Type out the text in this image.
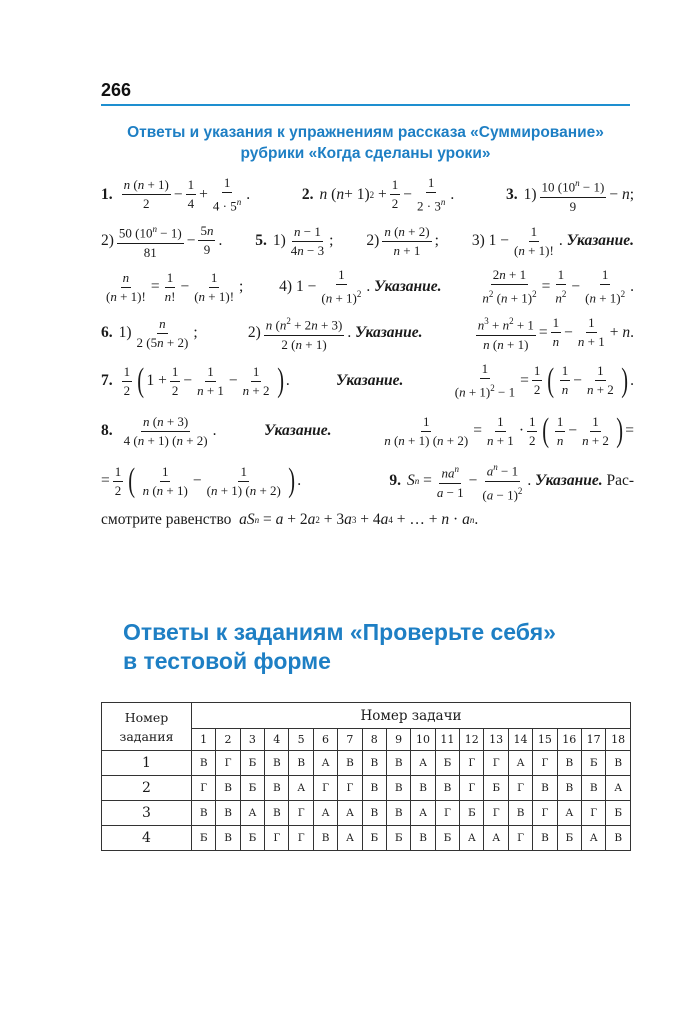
266
Ответы и указания к упражнениям рассказа «Суммирование»
рубрики «Когда сделаны уроки»
1. $\frac{n (n + 1)}{2} - \frac{1}{4} + \frac{1}{4 \cdot 5^n}$ .	2. n ( n + 1) $2 + \frac{1}{2} - \frac{1}{2 \cdot 3^n}$ .	3. $1) \frac{10 (10^n - 1)}{9} - n$ ;
$2) \frac{50 (10^n - 1)}{81} - \frac{5n}{9}$ . 5. $1) \frac{n - 1}{4n - 3}$ ; $2) \frac{n (n + 2)}{n + 1}$ ; 3) $1 - \frac{1}{(n + 1)!}$ . Указание.
$\frac{n}{(n + 1)!} = \frac{1}{n!} - \frac{1}{(n + 1)!}$ ; 4) $1 - \frac{1}{(n + 1)^2}$ . Указание.	$\frac{2n + 1}{n^2 (n + 1)^2} = \frac{1}{n^2} - \frac{1}{(n + 1)^2}$ .
6. $1) \frac{n}{2 (5n + 2)}$ ;	$2) \frac{n (n^2 + 2n + 3)}{2 (n + 1)}$ . Указание.	$\frac{n^3 + n^2 + 1}{n (n + 1)} = \frac{1}{n} - \frac{1}{n + 1} + n$ .
7. $\frac{1}{2}$ ( $1 + \frac{1}{2} - \frac{1}{n + 1} - \frac{1}{n + 2}$ ) .	Указание.	$\frac{1}{(n + 1)^2 - 1} = \frac{1}{2}$ ( $\frac{1}{n} - \frac{1}{n + 2}$ ) .
8. $\frac{n (n + 3)}{4 (n + 1) (n + 2)}$ .	Указание.	$\frac{1}{n (n + 1) (n + 2)} = \frac{1}{n + 1} \cdot \frac{1}{2}$ ( $\frac{1}{n} - \frac{1}{n + 2}$ ) =
= $\frac{1}{2}$ ( $\frac{1}{n (n + 1)} - \frac{1}{(n + 1) (n + 2)}$ ) .	9. S $n = \frac{na^n}{a - 1} - \frac{a^n - 1}{(a - 1)^2}$ . Указание.
Рас-
смотрите равенство
aS n = a + 2 a 2 + 3 a 3 + 4 a 4 + … + n · a n .
Ответы к заданиям «Проверьте себя»
в тестовой форме
Номер задания	Номер задачи																	
	1	2	3	4	5	6	7	8	9	10	11	12	13	14	15	16	17	18
1	В	Г	Б	В	В	А	В	В	В	А	Б	Г	Г	А	Г	В	Б	В
2	Г	В	Б	В	А	Г	Г	В	В	В	В	Г	Б	Г	В	В	В	А
3	В	В	А	В	Г	А	А	В	В	А	Г	Б	Г	В	Г	А	Г	Б
4	Б	В	Б	Г	Г	В	А	Б	Б	В	Б	А	А	Г	В	Б	А	В
